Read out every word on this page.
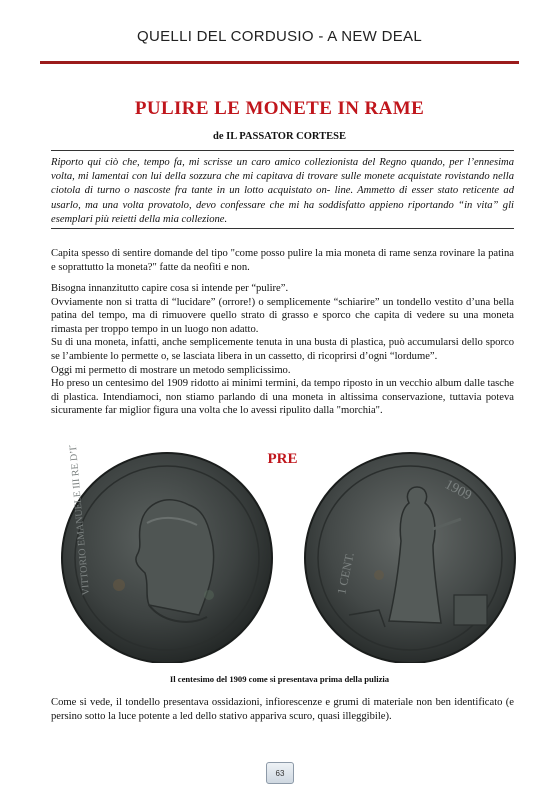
QUELLI DEL CORDUSIO - A NEW DEAL
PULIRE LE MONETE IN RAME
de IL PASSATOR CORTESE
Riporto qui ciò che, tempo fa, mi scrisse un caro amico collezionista del Regno quando, per l’ennesima volta, mi lamentai con lui della sozzura che mi capitava di trovare sulle monete acquistate rovistando nella ciotola di turno o nascoste fra tante in un lotto acquistato on- line. Ammetto di esser stato reticente ad usarlo, ma una volta provatolo, devo confessare che mi ha soddisfatto appieno riportando “in vita” gli esemplari più reietti della mia collezione.

Capita spesso di sentire domande del tipo "come posso pulire la mia moneta di rame senza rovinare la patina e soprattutto la moneta?" fatte da neofiti e non.

Bisogna innanzitutto capire cosa si intende per “pulire”.

Ovviamente non si tratta di “lucidare” (orrore!) o semplicemente “schiarire” un tondello vestito d’una bella patina del tempo, ma di rimuovere quello strato di grasso e sporco che capita di vedere su una moneta rimasta per troppo tempo in un luogo non adatto.

Su di una moneta, infatti, anche semplicemente tenuta in una busta di plastica, può accumularsi dello sporco se l’ambiente lo permette o, se lasciata libera in un cassetto, di ricoprirsi d’ogni “lordume”.

Oggi mi permetto di mostrare un metodo semplicissimo.

Ho preso un centesimo del 1909 ridotto ai minimi termini, da tempo riposto in un vecchio album dalle tasche di plastica. Intendiamoci, non stiamo parlando di una moneta in altissima conservazione, tuttavia poteva sicuramente far miglior figura una volta che lo avessi ripulito dalla "morchia".

VITTORIO EMANUELE III RE D’ITALIA	1 CENT.
1909
PRE
Il centesimo del 1909 come si presentava prima della pulizia

Come si vede, il tondello presentava ossidazioni, infiorescenze e grumi di materiale non ben identificato (e persino sotto la luce potente a led dello stativo appariva scuro, quasi illeggibile).

63
